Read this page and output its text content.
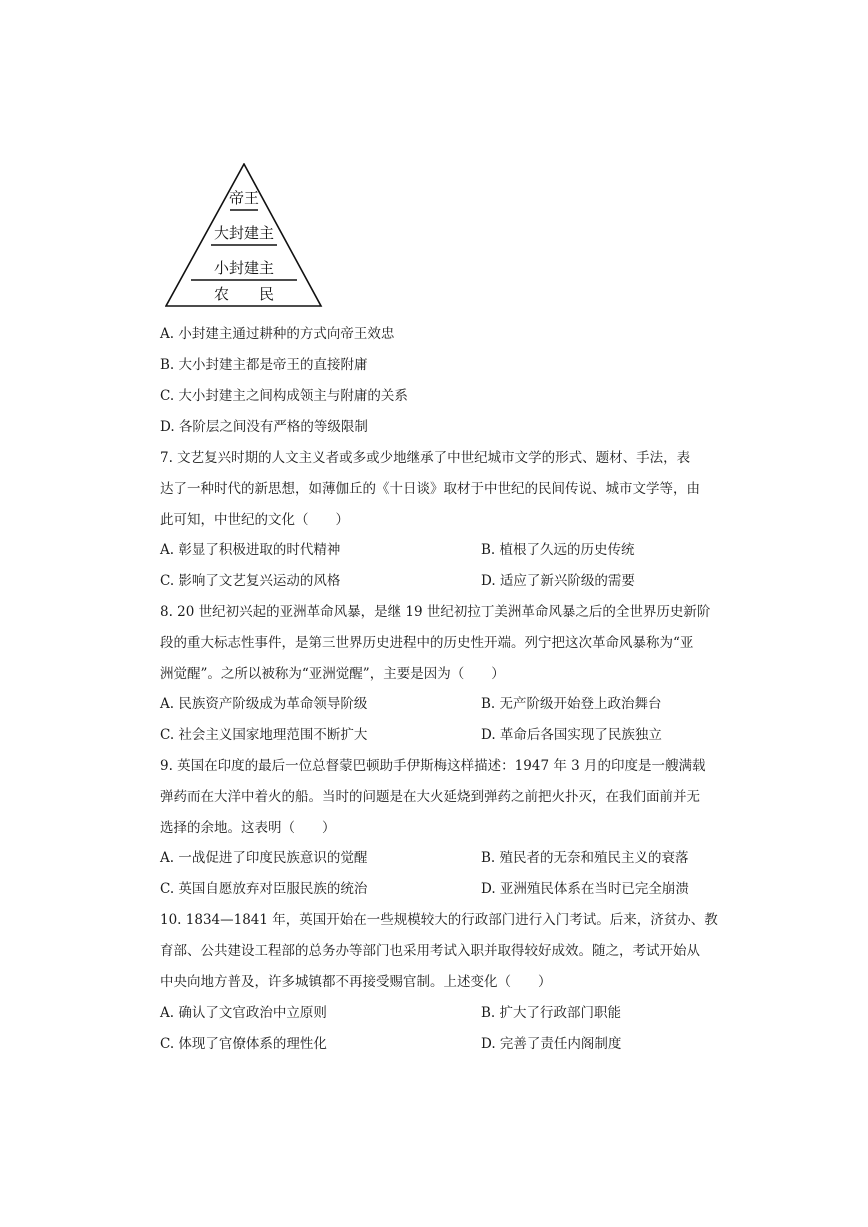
帝王
大封建主
小封建主
农　　民
A. 小封建主通过耕种的方式向帝王效忠
B. 大小封建主都是帝王的直接附庸
C. 大小封建主之间构成领主与附庸的关系
D. 各阶层之间没有严格的等级限制
7. 文艺复兴时期的人文主义者或多或少地继承了中世纪城市文学的形式、题材、手法，表
达了一种时代的新思想，如薄伽丘的《十日谈》取材于中世纪的民间传说、城市文学等，由
此可知，中世纪的文化（　　）
A. 彰显了积极进取的时代精神	B. 植根了久远的历史传统
C. 影响了文艺复兴运动的风格	D. 适应了新兴阶级的需要
8. 20 世纪初兴起的亚洲革命风暴，是继 19 世纪初拉丁美洲革命风暴之后的全世界历史新阶
段的重大标志性事件，是第三世界历史进程中的历史性开端。列宁把这次革命风暴称为“亚
洲觉醒”。之所以被称为“亚洲觉醒”，主要是因为（　　）
A. 民族资产阶级成为革命领导阶级	B. 无产阶级开始登上政治舞台
C. 社会主义国家地理范围不断扩大	D. 革命后各国实现了民族独立
9. 英国在印度的最后一位总督蒙巴顿助手伊斯梅这样描述：1947 年 3 月的印度是一艘满载
弹药而在大洋中着火的船。当时的问题是在大火延烧到弹药之前把火扑灭，在我们面前并无
选择的余地。这表明（　　）
A. 一战促进了印度民族意识的觉醒	B. 殖民者的无奈和殖民主义的衰落
C. 英国自愿放弃对臣服民族的统治	D. 亚洲殖民体系在当时已完全崩溃
10. 1834—1841 年，英国开始在一些规模较大的行政部门进行入门考试。后来，济贫办、教
育部、公共建设工程部的总务办等部门也采用考试入职并取得较好成效。随之，考试开始从
中央向地方普及，许多城镇都不再接受赐官制。上述变化（　　）
A. 确认了文官政治中立原则	B. 扩大了行政部门职能
C. 体现了官僚体系的理性化	D. 完善了责任内阁制度
